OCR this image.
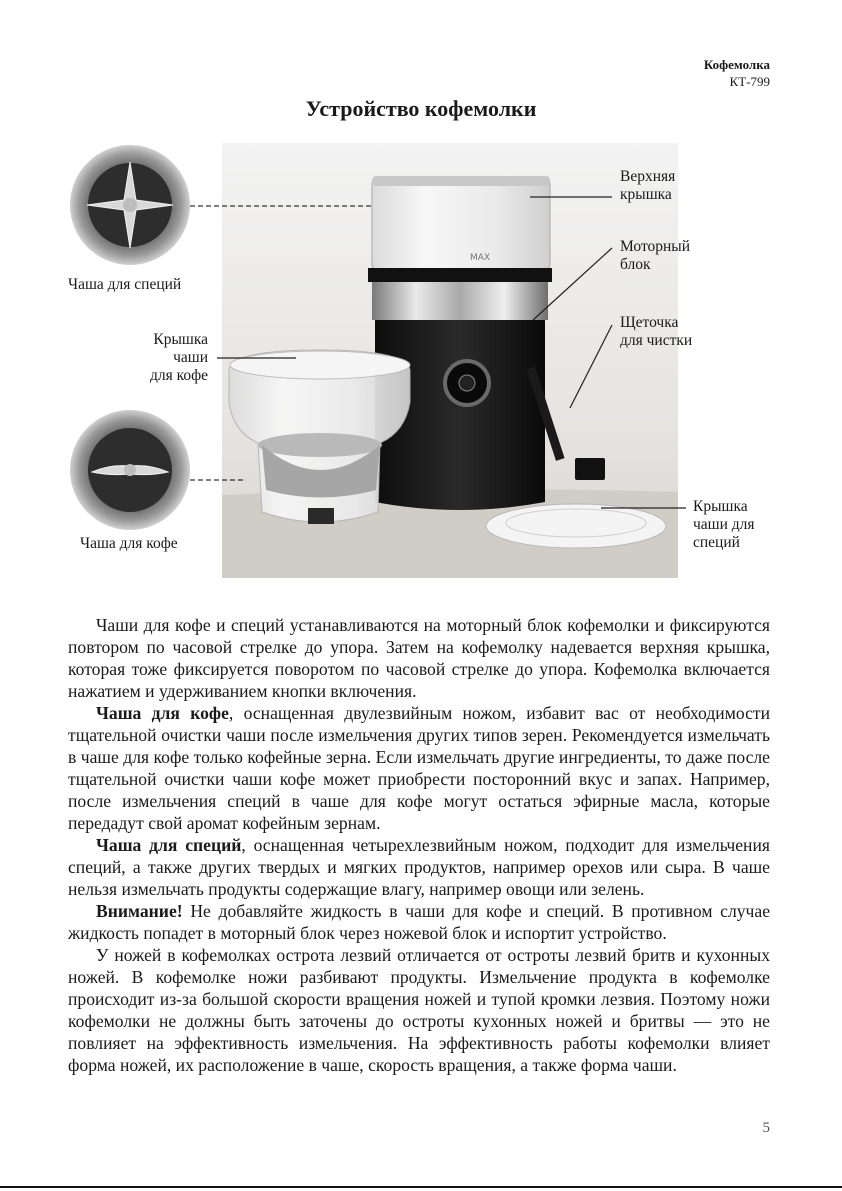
Кофемолка
КТ-799
Устройство кофемолки
MAX
Чаша для специй
Крышка
чаши
для кофе
Чаша для кофе
Верхняя
крышка
Моторный
блок
Щеточка
для чистки
Крышка
чаши для
специй

Чаши для кофе и специй устанавливаются на моторный блок кофемолки и фиксируются повтором по часовой стрелке до упора. Затем на кофемолку надевается верхняя крышка, которая тоже фиксируется поворотом по часовой стрелке до упора. Кофемолка включается нажатием и удерживанием кнопки включения.

Чаша для кофе, оснащенная двулезвийным ножом, избавит вас от необходимости тщательной очистки чаши после измельчения других типов зерен. Рекомендуется измельчать в чаше для кофе только кофейные зерна. Если измельчать другие ингредиенты, то даже после тщательной очистки чаши кофе может приобрести посторонний вкус и запах. Например, после измельчения специй в чаше для кофе могут остаться эфирные масла, которые передадут свой аромат кофейным зернам.

Чаша для специй, оснащенная четырехлезвийным ножом, подходит для измельчения специй, а также других твердых и мягких продуктов, например орехов или сыра. В чаше нельзя измельчать продукты содержащие влагу, например овощи или зелень.

Внимание! Не добавляйте жидкость в чаши для кофе и специй. В противном случае жидкость попадет в моторный блок через ножевой блок и испортит устройство.

У ножей в кофемолках острота лезвий отличается от остроты лезвий бритв и кухонных ножей. В кофемолке ножи разбивают продукты. Измельчение продукта в кофемолке происходит из-за большой скорости вращения ножей и тупой кромки лезвия. Поэтому ножи кофемолки не должны быть заточены до остроты кухонных ножей и бритвы — это не повлияет на эффективность измельчения. На эффективность работы кофемолки влияет форма ножей, их расположение в чаше, скорость вращения, а также форма чаши.

5
